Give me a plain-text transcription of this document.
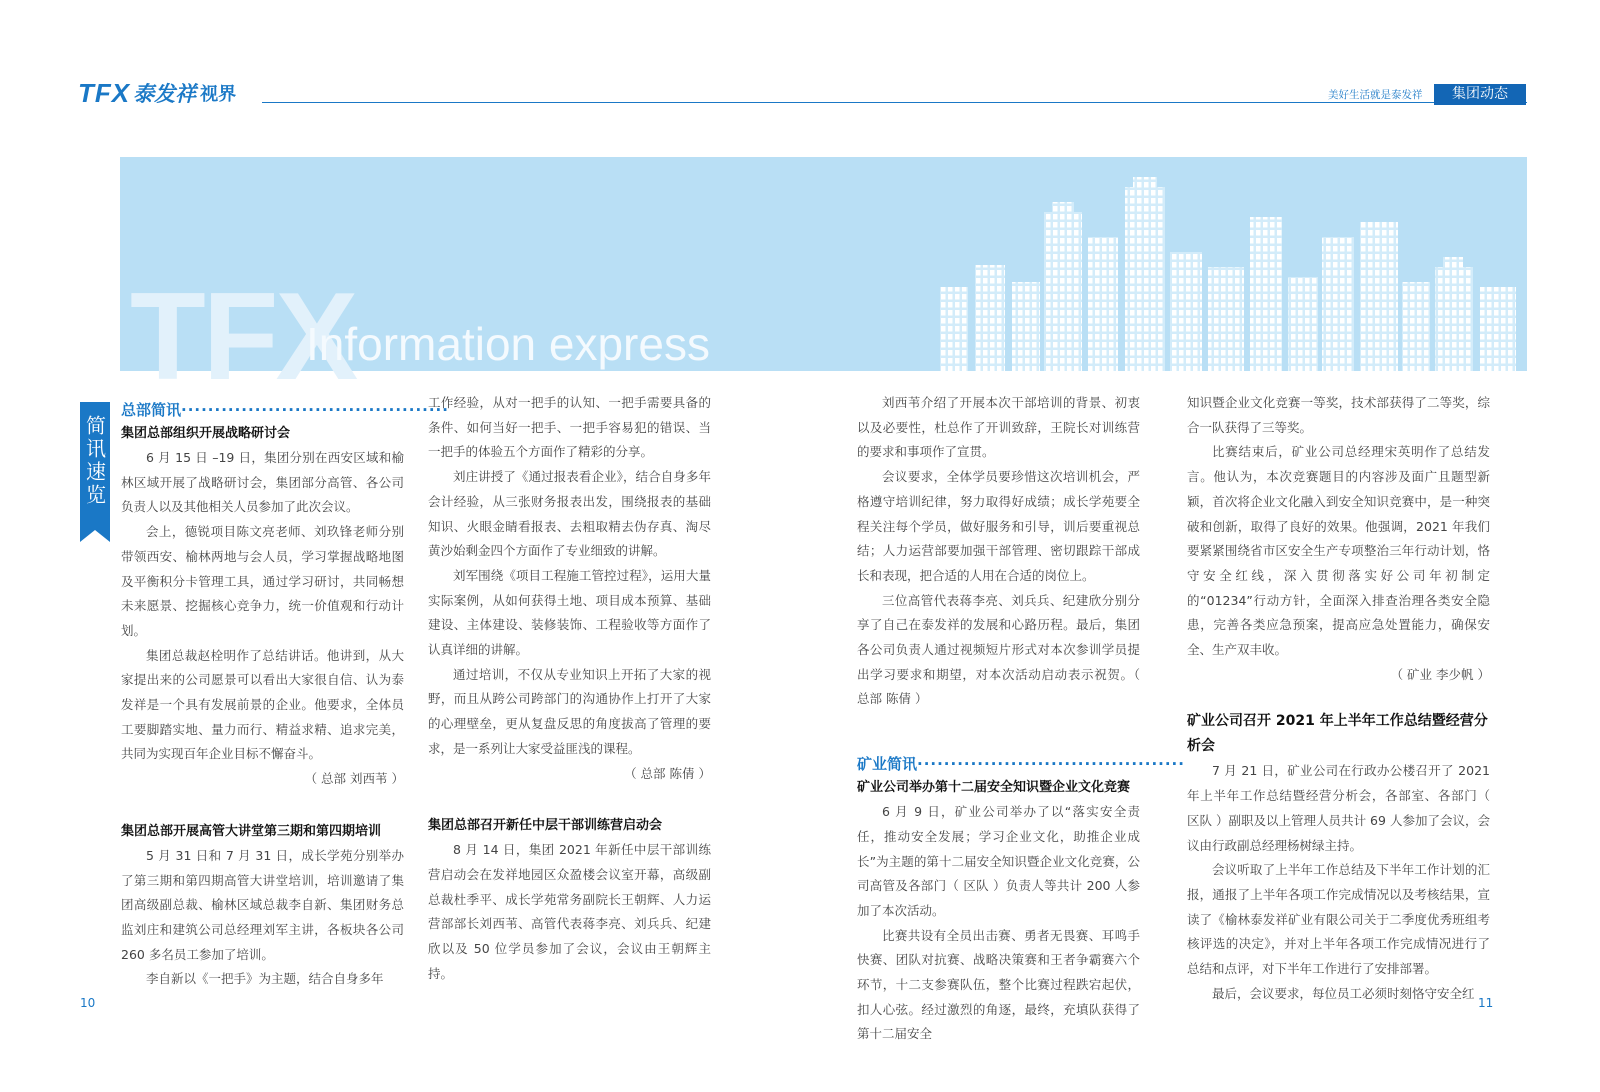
TFX 泰发祥 视界	美好生活就是泰发祥	集团动态
TFX
Information express
简讯速览
总部简讯········································
集团总部组织开展战略研讨会

6 月 15 日 –19 日，集团分别在西安区域和榆林区域开展了战略研讨会，集团部分高管、各公司负责人以及其他相关人员参加了此次会议。

会上，德锐项目陈文亮老师、刘玖锋老师分别带领西安、榆林两地与会人员，学习掌握战略地图及平衡积分卡管理工具，通过学习研讨，共同畅想未来愿景、挖掘核心竞争力，统一价值观和行动计划。

集团总裁赵栓明作了总结讲话。他讲到，从大家提出来的公司愿景可以看出大家很自信、认为泰发祥是一个具有发展前景的企业。他要求，全体员工要脚踏实地、量力而行、精益求精、追求完美，共同为实现百年企业目标不懈奋斗。

（ 总部 刘西苇 ）

集团总部开展高管大讲堂第三期和第四期培训

5 月 31 日和 7 月 31 日，成长学苑分别举办了第三期和第四期高管大讲堂培训，培训邀请了集团高级副总裁、榆林区域总裁李自新、集团财务总监刘庄和建筑公司总经理刘军主讲，各板块各公司 260 多名员工参加了培训。

李自新以《一把手》为主题，结合自身多年

工作经验，从对一把手的认知、一把手需要具备的条件、如何当好一把手、一把手容易犯的错误、当一把手的体验五个方面作了精彩的分享。

刘庄讲授了《通过报表看企业》，结合自身多年会计经验，从三张财务报表出发，围绕报表的基础知识、火眼金睛看报表、去粗取精去伪存真、淘尽黄沙始剩金四个方面作了专业细致的讲解。

刘军围绕《项目工程施工管控过程》，运用大量实际案例，从如何获得土地、项目成本预算、基础建设、主体建设、装修装饰、工程验收等方面作了认真详细的讲解。

通过培训，不仅从专业知识上开拓了大家的视野，而且从跨公司跨部门的沟通协作上打开了大家的心理壁垒，更从复盘反思的角度拔高了管理的要求，是一系列让大家受益匪浅的课程。

（ 总部 陈倩 ）

集团总部召开新任中层干部训练营启动会

8 月 14 日，集团 2021 年新任中层干部训练营启动会在发祥地园区众盈楼会议室开幕，高级副总裁杜季平、成长学苑常务副院长王朝辉、人力运营部部长刘西苇、高管代表蒋李亮、刘兵兵、纪建欣以及 50 位学员参加了会议，会议由王朝辉主持。

刘西苇介绍了开展本次干部培训的背景、初衷以及必要性，杜总作了开训致辞，王院长对训练营的要求和事项作了宣贯。

会议要求，全体学员要珍惜这次培训机会，严格遵守培训纪律，努力取得好成绩；成长学苑要全程关注每个学员，做好服务和引导，训后要重视总结；人力运营部要加强干部管理、密切跟踪干部成长和表现，把合适的人用在合适的岗位上。

三位高管代表蒋李亮、刘兵兵、纪建欣分别分享了自己在泰发祥的发展和心路历程。最后，集团各公司负责人通过视频短片形式对本次参训学员提出学习要求和期望，对本次活动启动表示祝贺。（ 总部 陈倩 ）

矿业简讯········································
矿业公司举办第十二届安全知识暨企业文化竞赛

6 月 9 日，矿业公司举办了以“落实安全责任，推动安全发展；学习企业文化，助推企业成长”为主题的第十二届安全知识暨企业文化竞赛，公司高管及各部门（ 区队 ）负责人等共计 200 人参加了本次活动。

比赛共设有全员出击赛、勇者无畏赛、耳鸣手快赛、团队对抗赛、战略决策赛和王者争霸赛六个环节，十二支参赛队伍，整个比赛过程跌宕起伏，扣人心弦。经过激烈的角逐，最终，充填队获得了第十二届安全

知识暨企业文化竞赛一等奖，技术部获得了二等奖，综合一队获得了三等奖。

比赛结束后，矿业公司总经理宋英明作了总结发言。他认为，本次竞赛题目的内容涉及面广且题型新颖，首次将企业文化融入到安全知识竞赛中，是一种突破和创新，取得了良好的效果。他强调，2021 年我们要紧紧围绕省市区安全生产专项整治三年行动计划，恪守安全红线，深入贯彻落实好公司年初制定的“01234”行动方针，全面深入排查治理各类安全隐患，完善各类应急预案，提高应急处置能力，确保安全、生产双丰收。

（ 矿业 李少帆 ）

矿业公司召开 2021 年上半年工作总结暨经营分析会

7 月 21 日，矿业公司在行政办公楼召开了 2021 年上半年工作总结暨经营分析会，各部室、各部门（ 区队 ）副职及以上管理人员共计 69 人参加了会议，会议由行政副总经理杨树绿主持。

会议听取了上半年工作总结及下半年工作计划的汇报，通报了上半年各项工作完成情况以及考核结果，宣读了《榆林泰发祥矿业有限公司关于二季度优秀班组考核评选的决定》，并对上半年各项工作完成情况进行了总结和点评，对下半年工作进行了安排部署。

最后，会议要求，每位员工必须时刻恪守安全红

10	11
